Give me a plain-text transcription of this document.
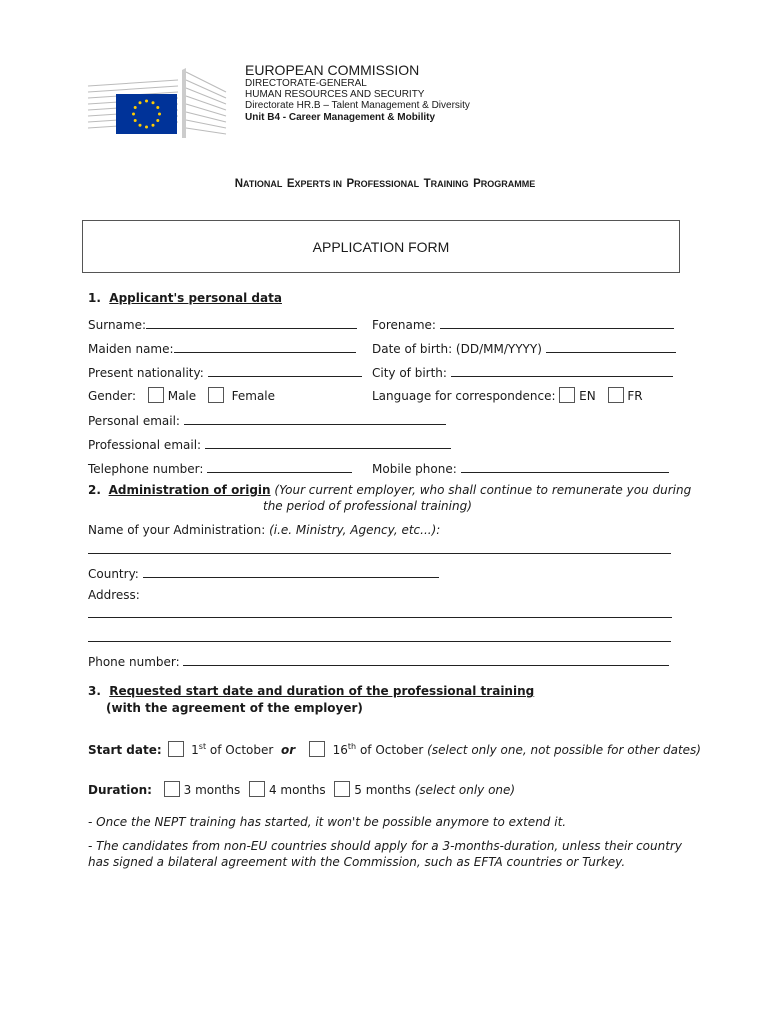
EUROPEAN COMMISSION
DIRECTORATE-GENERAL
HUMAN RESOURCES AND SECURITY
Directorate HR.B – Talent Management & Diversity
Unit B4 - Career Management & Mobility
NATIONAL EXPERTS IN PROFESSIONAL TRAINING PROGRAMME
APPLICATION FORM
1. Applicant's personal data
Surname:	Forename:
Maiden name:	Date of birth: (DD/MM/YYYY)
Present nationality:	City of birth:
Gender:	Male	Female	Language for correspondence: EN	FR
Personal email:
Professional email:
Telephone number:	Mobile phone:
2. Administration of origin (Your current employer, who shall continue to remunerate you during
the period of professional training)
Name of your Administration: (i.e. Ministry, Agency, etc...):
Country:
Address:
Phone number:
3. Requested start date and duration of the professional training
(with the agreement of the employer)
Start date: 1st of October or	16th of October (select only one, not possible for other dates)
Duration:	3 months 4 months 5 months (select only one)
- Once the NEPT training has started, it won't be possible anymore to extend it.
- The candidates from non-EU countries should apply for a 3-months-duration, unless their country
has signed a bilateral agreement with the Commission, such as EFTA countries or Turkey.
